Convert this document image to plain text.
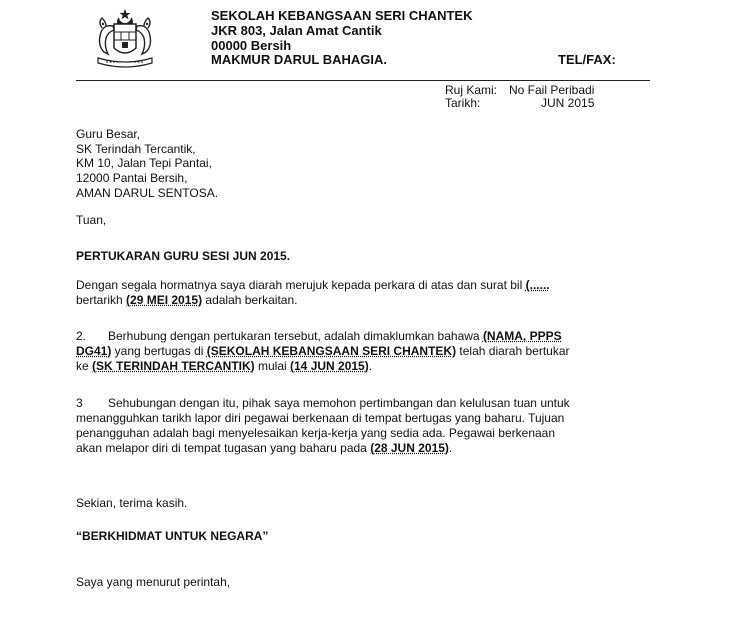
SEKOLAH KEBANGSAAN SERI CHANTEK
JKR 803, Jalan Amat Cantik
00000 Bersih
MAKMUR DARUL BAHAGIA.	TEL/FAX:
Ruj Kami: No Fail Peribadi
Tarikh:	JUN 2015
Guru Besar,
SK Terindah Tercantik,
KM 10, Jalan Tepi Pantai,
12000 Pantai Bersih,
AMAN DARUL SENTOSA.
Tuan,
PERTUKARAN GURU SESI JUN 2015.
Dengan segala hormatnya saya diarah merujuk kepada perkara di atas dan surat bil (......
bertarikh (29 MEI 2015) adalah berkaitan.
2. Berhubung dengan pertukaran tersebut, adalah dimaklumkan bahawa (NAMA, PPPS
DG41) yang bertugas di (SEKOLAH KEBANGSAAN SERI CHANTEK) telah diarah bertukar
ke (SK TERINDAH TERCANTIK) mulai (14 JUN 2015).
3 Sehubungan dengan itu, pihak saya memohon pertimbangan dan kelulusan tuan untuk
menangguhkan tarikh lapor diri pegawai berkenaan di tempat bertugas yang baharu. Tujuan
penangguhan adalah bagi menyelesaikan kerja-kerja yang sedia ada. Pegawai berkenaan
akan melapor diri di tempat tugasan yang baharu pada (28 JUN 2015).
Sekian, terima kasih.
“BERKHIDMAT UNTUK NEGARA”
Saya yang menurut perintah,
